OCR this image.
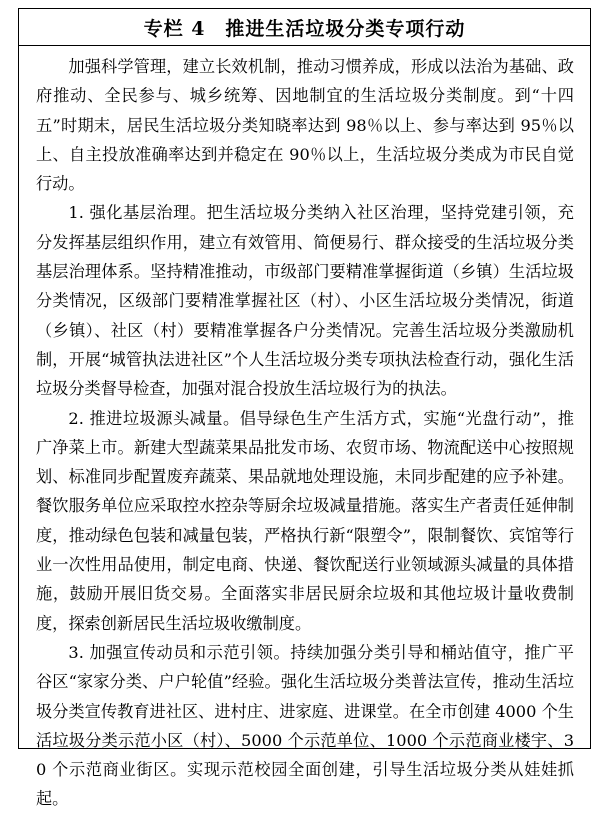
专栏 4　推进生活垃圾分类专项行动

加强科学管理，建立长效机制，推动习惯养成，形成以法治为基础、政府推动、全民参与、城乡统筹、因地制宜的生活垃圾分类制度。到“十四五”时期末，居民生活垃圾分类知晓率达到 98％以上、参与率达到 95％以上、自主投放准确率达到并稳定在 90％以上，生活垃圾分类成为市民自觉行动。

1. 强化基层治理。把生活垃圾分类纳入社区治理，坚持党建引领，充分发挥基层组织作用，建立有效管用、简便易行、群众接受的生活垃圾分类基层治理体系。坚持精准推动，市级部门要精准掌握街道（乡镇）生活垃圾分类情况，区级部门要精准掌握社区（村）、小区生活垃圾分类情况，街道（乡镇）、社区（村）要精准掌握各户分类情况。完善生活垃圾分类激励机制，开展“城管执法进社区”个人生活垃圾分类专项执法检查行动，强化生活垃圾分类督导检查，加强对混合投放生活垃圾行为的执法。

2. 推进垃圾源头减量。倡导绿色生产生活方式，实施“光盘行动”，推广净菜上市。新建大型蔬菜果品批发市场、农贸市场、物流配送中心按照规划、标准同步配置废弃蔬菜、果品就地处理设施，未同步配建的应予补建。餐饮服务单位应采取控水控杂等厨余垃圾减量措施。落实生产者责任延伸制度，推动绿色包装和减量包装，严格执行新“限塑令”，限制餐饮、宾馆等行业一次性用品使用，制定电商、快递、餐饮配送行业领域源头减量的具体措施，鼓励开展旧货交易。全面落实非居民厨余垃圾和其他垃圾计量收费制度，探索创新居民生活垃圾收缴制度。

3. 加强宣传动员和示范引领。持续加强分类引导和桶站值守，推广平谷区“家家分类、户户轮值”经验。强化生活垃圾分类普法宣传，推动生活垃圾分类宣传教育进社区、进村庄、进家庭、进课堂。在全市创建 4000 个生活垃圾分类示范小区（村）、5000 个示范单位、1000 个示范商业楼宇、30 个示范商业街区。实现示范校园全面创建，引导生活垃圾分类从娃娃抓起。
